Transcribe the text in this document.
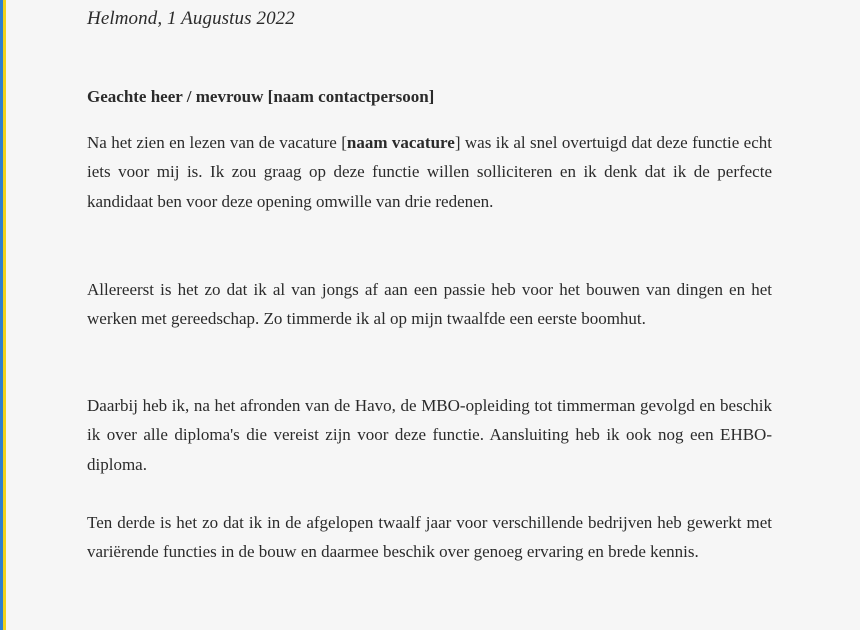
Helmond, 1 Augustus 2022
Geachte heer / mevrouw [naam contactpersoon]

Na het zien en lezen van de vacature [naam vacature] was ik al snel overtuigd dat deze functie echt iets voor mij is. Ik zou graag op deze functie willen solliciteren en ik denk dat ik de perfecte kandidaat ben voor deze opening omwille van drie redenen.

Allereerst is het zo dat ik al van jongs af aan een passie heb voor het bouwen van dingen en het werken met gereedschap. Zo timmerde ik al op mijn twaalfde een eerste boomhut.

Daarbij heb ik, na het afronden van de Havo, de MBO-opleiding tot timmerman gevolgd en beschik ik over alle diploma's die vereist zijn voor deze functie. Aansluiting heb ik ook nog een EHBO-diploma.

Ten derde is het zo dat ik in de afgelopen twaalf jaar voor verschillende bedrijven heb gewerkt met variërende functies in de bouw en daarmee beschik over genoeg ervaring en brede kennis.
